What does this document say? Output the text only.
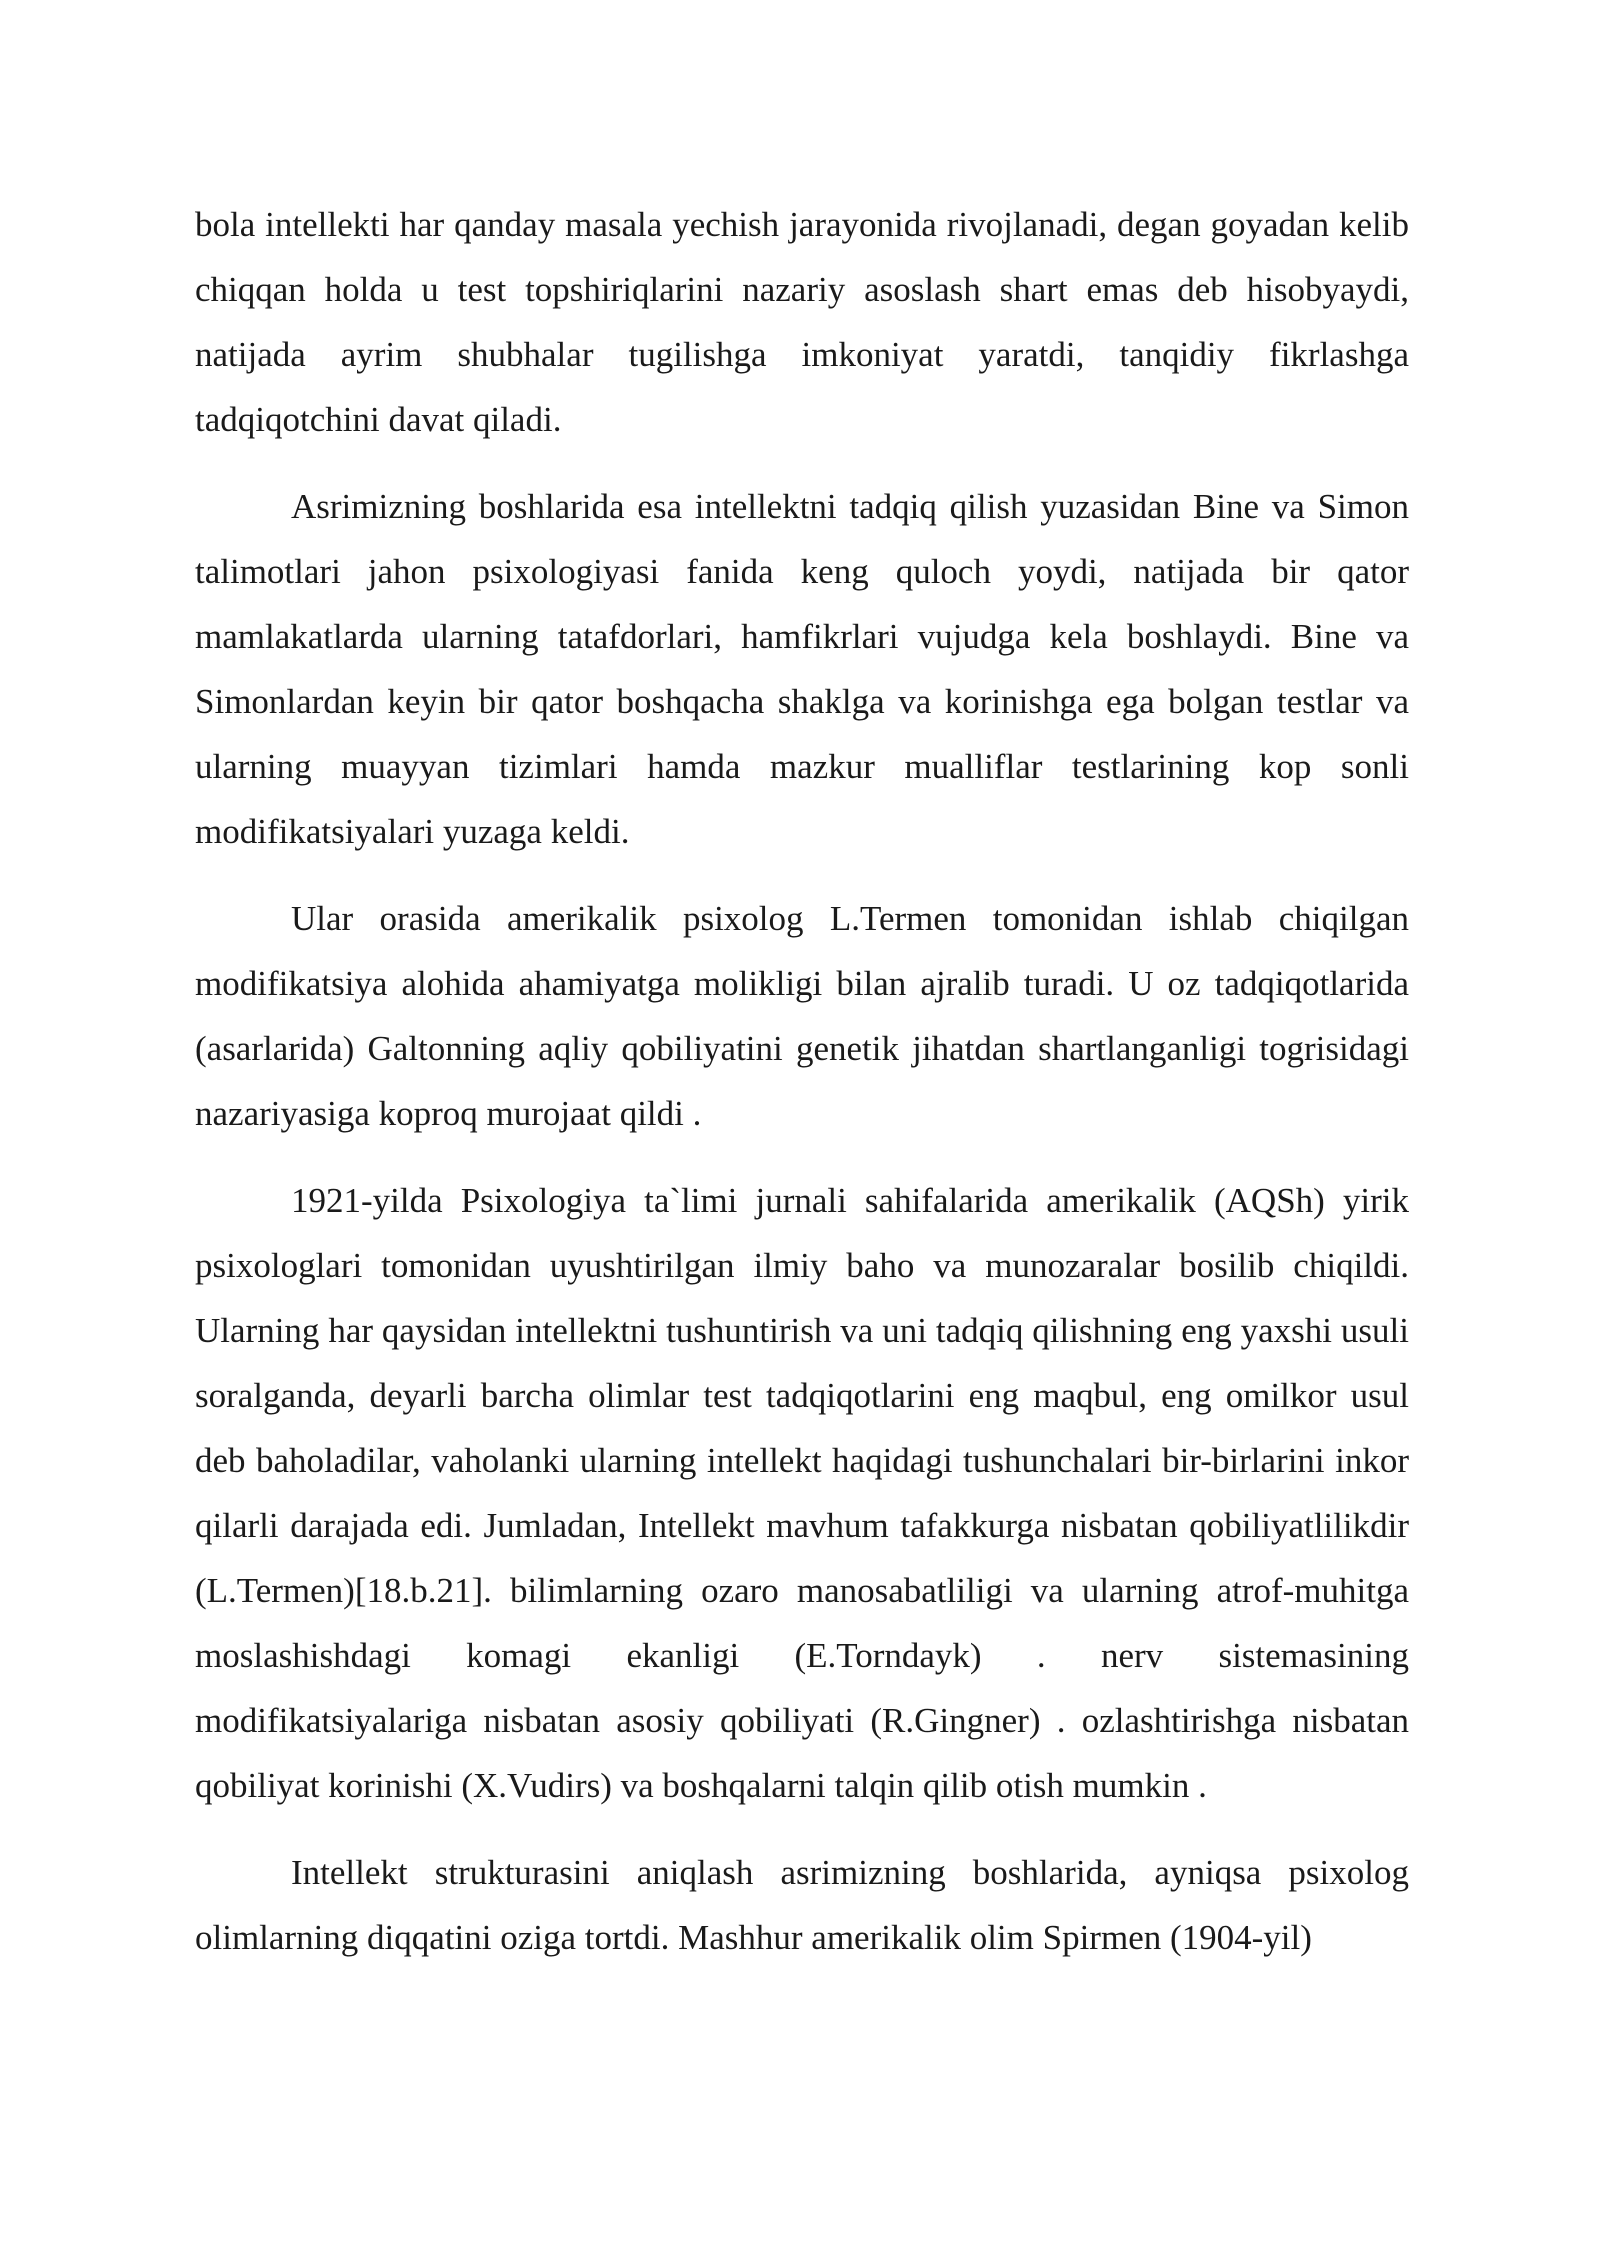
bola intellekti har qanday masala yechish jarayonida rivojlanadi, degan goyadan kelib chiqqan holda u test topshiriqlarini nazariy asoslash shart emas deb hisobyaydi, natijada ayrim shubhalar tugilishga imkoniyat yaratdi, tanqidiy fikrlashga tadqiqotchini davat qiladi.

Asrimizning boshlarida esa intellektni tadqiq qilish yuzasidan Bine va Simon talimotlari jahon psixologiyasi fanida keng quloch yoydi, natijada bir qator mamlakatlarda ularning tatafdorlari, hamfikrlari vujudga kela boshlaydi. Bine va Simonlardan keyin bir qator boshqacha shaklga va korinishga ega bolgan testlar va ularning muayyan tizimlari hamda mazkur mualliflar testlarining kop sonli modifikatsiyalari yuzaga keldi.

Ular orasida amerikalik psixolog L.Termen tomonidan ishlab chiqilgan modifikatsiya alohida ahamiyatga molikligi bilan ajralib turadi. U oz tadqiqotlarida (asarlarida) Galtonning aqliy qobiliyatini genetik jihatdan shartlanganligi togrisidagi nazariyasiga koproq murojaat qildi .

1921-yilda Psixologiya ta`limi jurnali sahifalarida amerikalik (AQSh) yirik psixologlari tomonidan uyushtirilgan ilmiy baho va munozaralar bosilib chiqildi. Ularning har qaysidan intellektni tushuntirish va uni tadqiq qilishning eng yaxshi usuli soralganda, deyarli barcha olimlar test tadqiqotlarini eng maqbul, eng omilkor usul deb baholadilar, vaholanki ularning intellekt haqidagi tushunchalari bir-birlarini inkor qilarli darajada edi. Jumladan, Intellekt mavhum tafakkurga nisbatan qobiliyatlilikdir (L.Termen)[18.b.21]. bilimlarning ozaro manosabatliligi va ularning atrof-muhitga moslashishdagi komagi ekanligi (E.Torndayk) . nerv sistemasining modifikatsiyalariga nisbatan asosiy qobiliyati (R.Gingner) . ozlashtirishga nisbatan qobiliyat korinishi (X.Vudirs) va boshqalarni talqin qilib otish mumkin .

Intellekt strukturasini aniqlash asrimizning boshlarida, ayniqsa psixolog olimlarning diqqatini oziga tortdi. Mashhur amerikalik olim Spirmen (1904-yil)
